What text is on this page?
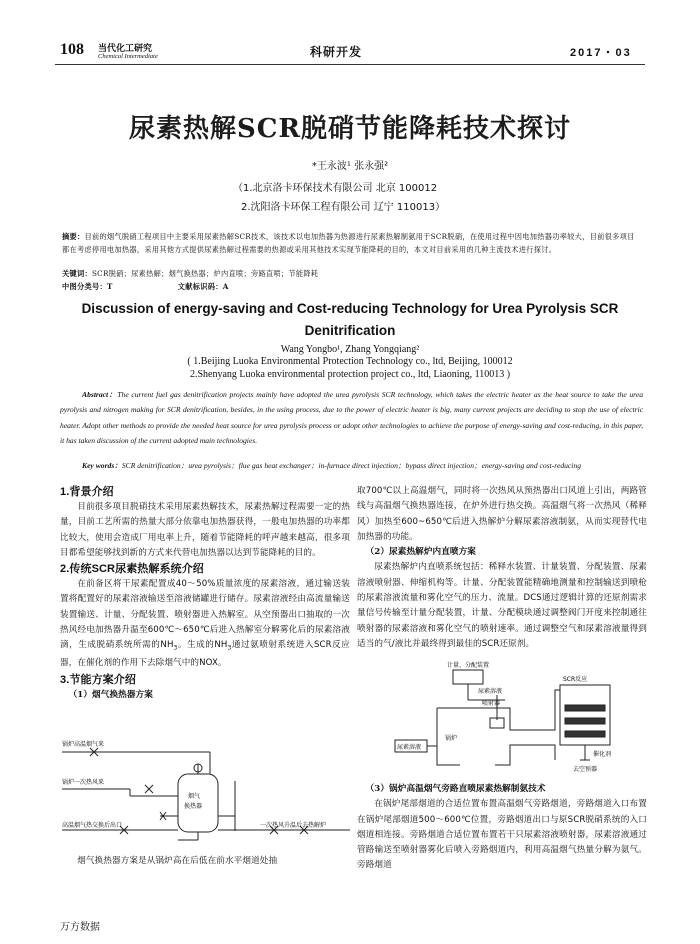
108 当代化工研究
Chemical Intermediate	科研开发	2017・03
尿素热解SCR脱硝节能降耗技术探讨
*王永波¹ 张永强²
（1.北京洛卡环保技术有限公司 北京 100012
2.沈阳洛卡环保工程有限公司 辽宁 110013）
摘要：目前的烟气脱硝工程项目中主要采用尿素热解SCR技术，该技术以电加热器为热源进行尿素热解制氨用于SCR脱硝，在使用过程中因电加热器功率较大，目前很多项目都在考虑停用电加热器，采用其他方式提供尿素热解过程需要的热源或采用其他技术实现节能降耗的目的，本文对目前采用的几种主流技术进行探讨。
关键词：SCR脱硝；尿素热解；烟气换热器；炉内直喷；旁路直喷；节能降耗
中图分类号：T	文献标识码：A
Discussion of energy-saving and Cost-reducing Technology for Urea Pyrolysis SCR Denitrification
Wang Yongbo¹, Zhang Yongqiang²
( 1.Beijing Luoka Environmental Protection Technology co., ltd, Beijing, 100012
2.Shenyang Luoka environmental protection project co., ltd, Liaoning, 110013 )
Abstract：The current fuel gas denitrification projects mainly have adopted the urea pyrolysis SCR technology, which takes the electric heater as the heat source to take the urea pyrolysis and nitrogen making for SCR denitrification, besides, in the using process, due to the power of electric heater is big, many current projects are deciding to stop the use of electric heater. Adopt other methods to provide the needed heat source for urea pyrolysis process or adopt other technologies to achieve the purpose of energy-saving and cost-reducing, in this paper, it has taken discussion of the current adopted main technologies.
Key words：SCR denitrification；urea pyrolysis；flue gas heat exchanger；in-furnace direct injection；bypass direct injection；energy-saving and cost-reducing

1.背景介绍

目前很多项目脱硝技术采用尿素热解技术，尿素热解过程需要一定的热量，目前工艺所需的热量大部分依靠电加热器获得，一般电加热器的功率都比较大，使用会造成厂用电率上升，随着节能降耗的呼声越来越高，很多项目都希望能够找到新的方式来代替电加热器以达到节能降耗的目的。

2.传统SCR尿素热解系统介绍

在前备区将干尿素配置成40～50%质量浓度的尿素溶液，通过输送装置将配置好的尿素溶液输送至溶液储罐进行储存。尿素溶液经由高流量输送装置输送、计量、分配装置、喷射器进入热解室。从空预器出口抽取的一次热风经电加热器升温至600℃～650℃后进入热解室分解雾化后的尿素溶液滴，生成脱硝系统所需的$NH_3$。生成的$NH_3$通过氨喷射系统进入SCR反应器，在催化剂的作用下去除烟气中的NOX。

3.节能方案介绍

（1）烟气换热器方案

锅炉高温烟气来
锅炉一次热风来
烟气
换热器
高温烟气热交换后出口	一次热风升温后去热解炉

烟气换热器方案是从锅炉高在后低在前水平烟道处抽

取700℃以上高温烟气，同时将一次热风从预热器出口风道上引出，两路管线与高温烟气换热器连接，在炉外进行热交换。高温烟气将一次热风（稀释风）加热至600~650℃后进入热解炉分解尿素溶液制氨，从而实现替代电加热器的功能。

（2）尿素热解炉内直喷方案

尿素热解炉内直喷系统包括：稀释水装置、计量装置、分配装置、尿素溶液喷射器、伸缩机构等。计量、分配装置能精确地测量和控制输送到喷枪的尿素溶液流量和雾化空气的压力、流量。DCS通过逻辑计算的还原剂需求量信号传输至计量分配装置，计量、分配模块通过调整阀门开度来控制通往喷射器的尿素溶液和雾化空气的喷射速率。通过调整空气和尿素溶液量得到适当的气/液比并最终得到最佳的SCR还原剂。

计量、分配装置
尿素溶液
喷射器
SCR反应
尿素溶液
锅炉
催化剂
去空预器

（3）锅炉高温烟气旁路直喷尿素热解制氨技术

在锅炉尾部烟道的合适位置布置高温烟气旁路烟道，旁路烟道入口布置在锅炉尾部烟道500～600℃位置，旁路烟道出口与原SCR脱硝系统的入口烟道相连接。旁路烟道合适位置布置若干只尿素溶液喷射器，尿素溶液通过管路输送至喷射器雾化后喷入旁路烟道内，利用高温烟气热量分解为氨气。旁路烟道

万方数据
